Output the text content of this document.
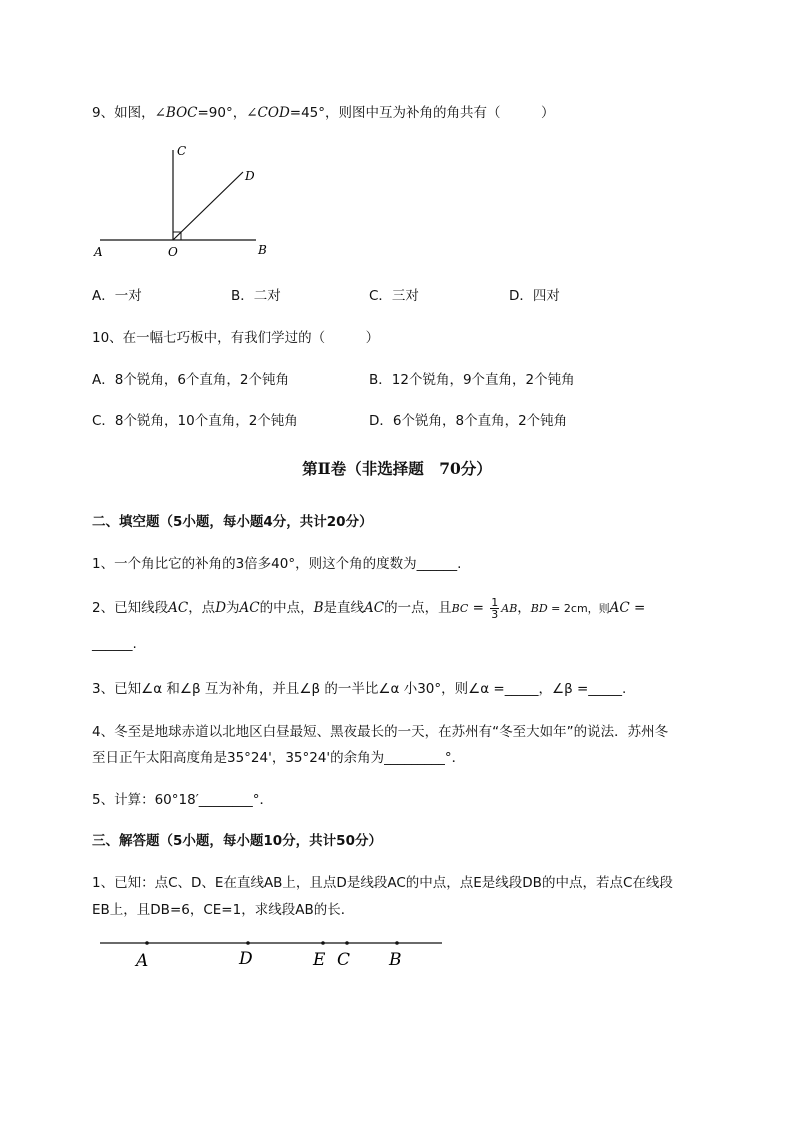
9、如图，∠BOC=90°，∠COD=45°，则图中互为补角的角共有（　　　）
A	O	B
C
D
A．一对	B．二对	C．三对	D．四对
10、在一幅七巧板中，有我们学过的（　　　）
A．8个锐角，6个直角，2个钝角	B．12个锐角，9个直角，2个钝角
C．8个锐角，10个直角，2个钝角	D．6个锐角，8个直角，2个钝角
第Ⅱ卷（非选择题　70分）
二、填空题（5小题，每小题4分，共计20分）
1、一个角比它的补角的3倍多40°，则这个角的度数为______.
2、已知线段AC，点D为AC的中点，B是直线AC的一点，且BC = $\frac{1}{3}$ AB，BD = 2cm，则AC =
______.
3、已知∠α 和∠β 互为补角，并且∠β 的一半比∠α 小30°，则∠α =_____，∠β =_____.
4、冬至是地球赤道以北地区白昼最短、黑夜最长的一天，在苏州有“冬至大如年”的说法．苏州冬
至日正午太阳高度角是35°24'，35°24'的余角为_________°．
5、计算：60°18′________°．
三、解答题（5小题，每小题10分，共计50分）
1、已知：点C、D、E在直线AB上，且点D是线段AC的中点，点E是线段DB的中点，若点C在线段
EB上，且DB=6，CE=1，求线段AB的长．
A	D	E C B
